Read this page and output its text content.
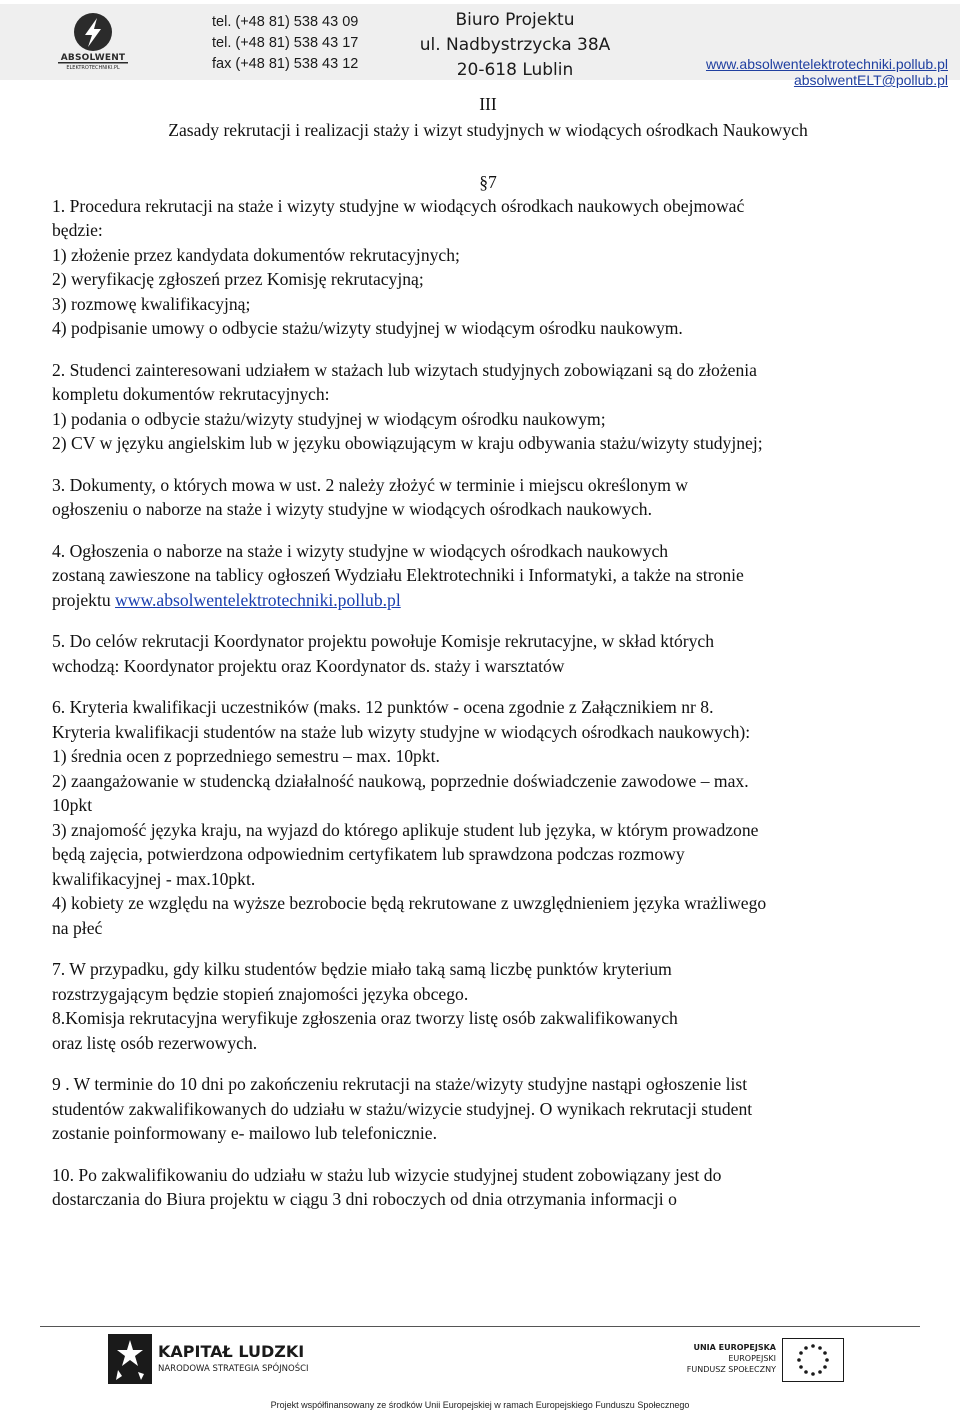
ABSOLWENT
ELEKTROTECHNIKI.PL
tel. (+48 81) 538 43 09
tel. (+48 81) 538 43 17
fax (+48 81) 538 43 12
Biuro Projektu
ul. Nadbystrzycka 38A
20-618 Lublin	www.absolwentelektrotechniki.pollub.pl
absolwentELT@pollub.pl

III

Zasady rekrutacji i realizacji staży i wizyt studyjnych w wiodących ośrodkach Naukowych

§7

1. Procedura rekrutacji na staże i wizyty studyjne w wiodących ośrodkach naukowych obejmować

będzie:

1) złożenie przez kandydata dokumentów rekrutacyjnych;

2) weryfikację zgłoszeń przez Komisję rekrutacyjną;

3) rozmowę kwalifikacyjną;

4) podpisanie umowy o odbycie stażu/wizyty studyjnej w wiodącym ośrodku naukowym.

2. Studenci zainteresowani udziałem w stażach lub wizytach studyjnych zobowiązani są do złożenia

kompletu dokumentów rekrutacyjnych:

1) podania o odbycie stażu/wizyty studyjnej w wiodącym ośrodku naukowym;

2) CV w języku angielskim lub w języku obowiązującym w kraju odbywania stażu/wizyty studyjnej;

3. Dokumenty, o których mowa w ust. 2 należy złożyć w terminie i miejscu określonym w

ogłoszeniu o naborze na staże i wizyty studyjne w wiodących ośrodkach naukowych.

4. Ogłoszenia o naborze na staże i wizyty studyjne w wiodących ośrodkach naukowych

zostaną zawieszone na tablicy ogłoszeń Wydziału Elektrotechniki i Informatyki, a także na stronie

projektu www.absolwentelektrotechniki.pollub.pl

5. Do celów rekrutacji Koordynator projektu powołuje Komisje rekrutacyjne, w skład których

wchodzą: Koordynator projektu oraz Koordynator ds. staży i warsztatów

6. Kryteria kwalifikacji uczestników (maks. 12 punktów - ocena zgodnie z Załącznikiem nr 8.

Kryteria kwalifikacji studentów na staże lub wizyty studyjne w wiodących ośrodkach naukowych):

1) średnia ocen z poprzedniego semestru – max. 10pkt.

2) zaangażowanie w studencką działalność naukową, poprzednie doświadczenie zawodowe – max.

10pkt

3) znajomość języka kraju, na wyjazd do którego aplikuje student lub języka, w którym prowadzone

będą zajęcia, potwierdzona odpowiednim certyfikatem lub sprawdzona podczas rozmowy

kwalifikacyjnej - max.10pkt.

4) kobiety ze względu na wyższe bezrobocie będą rekrutowane z uwzględnieniem języka wrażliwego

na płeć

7. W przypadku, gdy kilku studentów będzie miało taką samą liczbę punktów kryterium

rozstrzygającym będzie stopień znajomości języka obcego.

8.Komisja rekrutacyjna weryfikuje zgłoszenia oraz tworzy listę osób zakwalifikowanych

oraz listę osób rezerwowych.

9 . W terminie do 10 dni po zakończeniu rekrutacji na staże/wizyty studyjne nastąpi ogłoszenie list

studentów zakwalifikowanych do udziału w stażu/wizycie studyjnej. O wynikach rekrutacji student

zostanie poinformowany e- mailowo lub telefonicznie.

10. Po zakwalifikowaniu do udziału w stażu lub wizycie studyjnej student zobowiązany jest do

dostarczania do Biura projektu w ciągu 3 dni roboczych od dnia otrzymania informacji o

KAPITAŁ LUDZKI
NARODOWA STRATEGIA SPÓJNOŚCI
UNIA EUROPEJSKA
EUROPEJSKI
FUNDUSZ SPOŁECZNY
Projekt współfinansowany ze środków Unii Europejskiej w ramach Europejskiego Funduszu Społecznego
